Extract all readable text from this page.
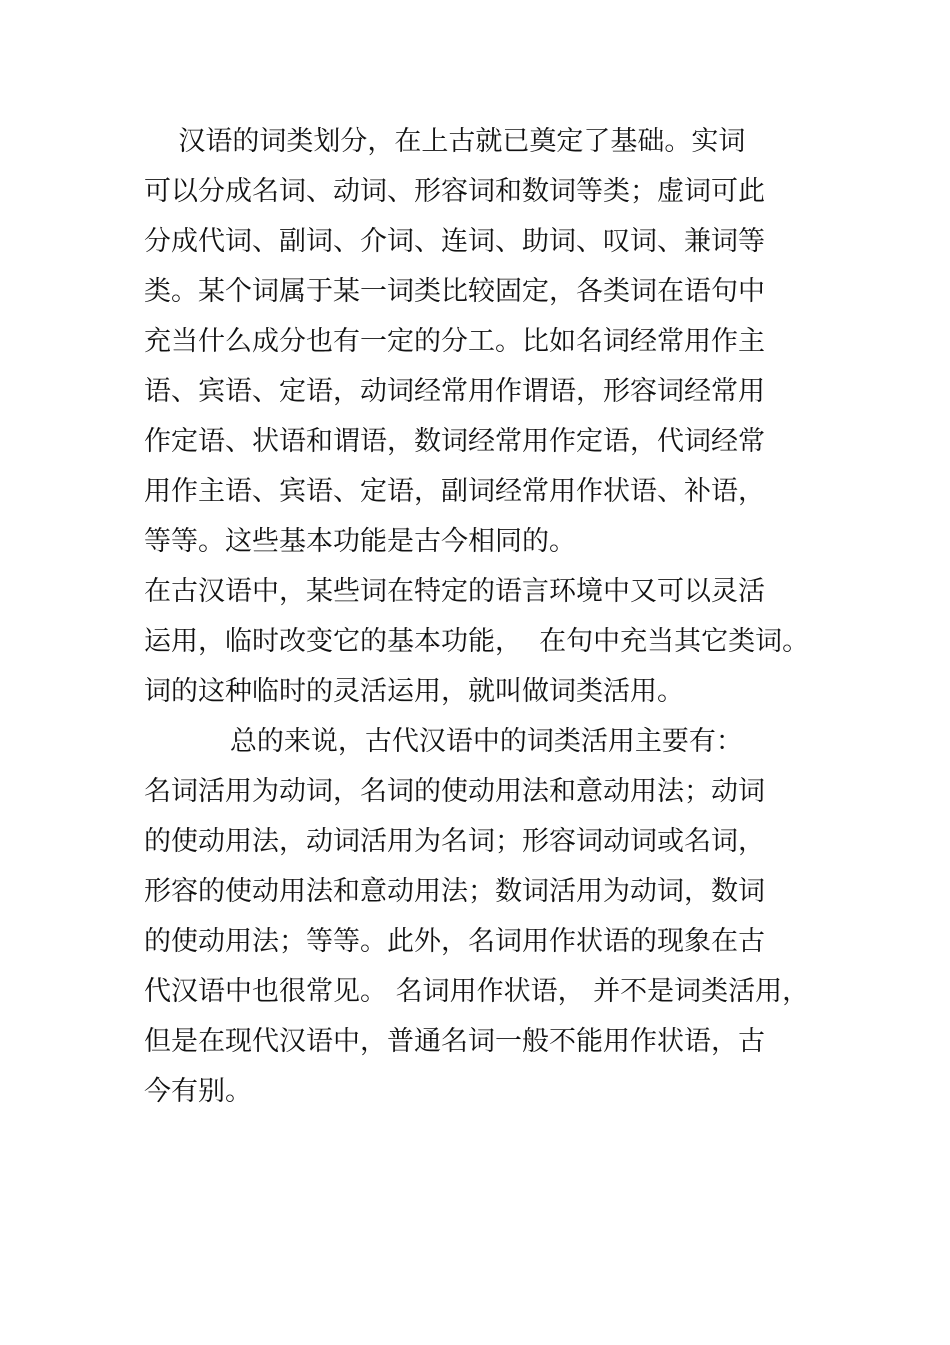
汉语的词类划分，在上古就已奠定了基础。实词
可以分成名词、动词、形容词和数词等类；虚词可此
分成代词、副词、介词、连词、助词、叹词、兼词等
类。某个词属于某一词类比较固定，各类词在语句中
充当什么成分也有一定的分工。比如名词经常用作主
语、宾语、定语，动词经常用作谓语，形容词经常用
作定语、状语和谓语，数词经常用作定语，代词经常
用作主语、宾语、定语，副词经常用作状语、补语，
等等。这些基本功能是古今相同的。
在古汉语中，某些词在特定的语言环境中又可以灵活
运用，临时改变它的基本功能，  在句中充当其它类词。
词的这种临时的灵活运用，就叫做词类活用。
总的来说，古代汉语中的词类活用主要有：
名词活用为动词，名词的使动用法和意动用法；动词
的使动用法，动词活用为名词；形容词动词或名词，
形容的使动用法和意动用法；数词活用为动词，数词
的使动用法；等等。此外，名词用作状语的现象在古
代汉语中也很常见。 名词用作状语， 并不是词类活用，
但是在现代汉语中，普通名词一般不能用作状语，古
今有别。
